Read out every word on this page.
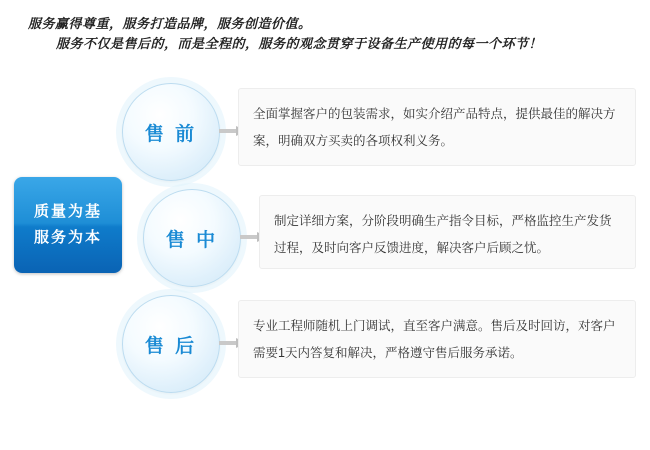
服务赢得尊重，服务打造品牌，服务创造价值。
服务不仅是售后的，而是全程的，服务的观念贯穿于设备生产使用的每一个环节！
质量为基
服务为本
售 前
全面掌握客户的包装需求，如实介绍产品特点，提供最佳的解决方案，明确双方买卖的各项权利义务。
售 中
制定详细方案，分阶段明确生产指令目标，严格监控生产发货过程，及时向客户反馈进度，解决客户后顾之忧。
售 后
专业工程师随机上门调试，直至客户满意。售后及时回访，对客户需要1天内答复和解决，严格遵守售后服务承诺。
